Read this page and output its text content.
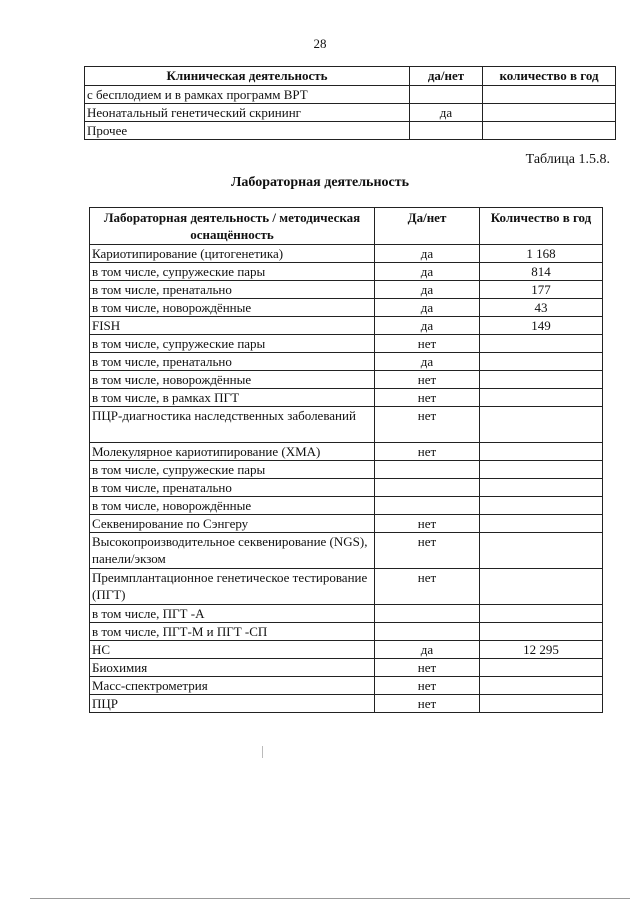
28
Клиническая деятельность	да/нет	количество в год
с бесплодием и в рамках программ ВРТ		
Неонатальный генетический скрининг	да	
Прочее		
Таблица 1.5.8.
Лабораторная деятельность
Лабораторная деятельность / методическая оснащённость	Да/нет	Количество в год
Кариотипирование (цитогенетика)	да	1 168
в том числе, супружеские пары	да	814
в том числе, пренатально	да	177
в том числе, новорождённые	да	43
FISH	да	149
в том числе, супружеские пары	нет	
в том числе, пренатально	да	
в том числе, новорождённые	нет	
в том числе, в рамках ПГТ	нет	
ПЦР-диагностика наследственных заболеваний	нет	
Молекулярное кариотипирование (ХМА)	нет	
в том числе, супружеские пары		
в том числе, пренатально		
в том числе, новорождённые		
Секвенирование по Сэнгеру	нет	
Высокопроизводительное секвенирование (NGS), панели/экзом	нет	
Преимплантационное генетическое тестирование (ПГТ)	нет	
в том числе, ПГТ -А		
в том числе, ПГТ-М и ПГТ -СП		
НС	да	12 295
Биохимия	нет	
Масс-спектрометрия	нет	
ПЦР	нет	
